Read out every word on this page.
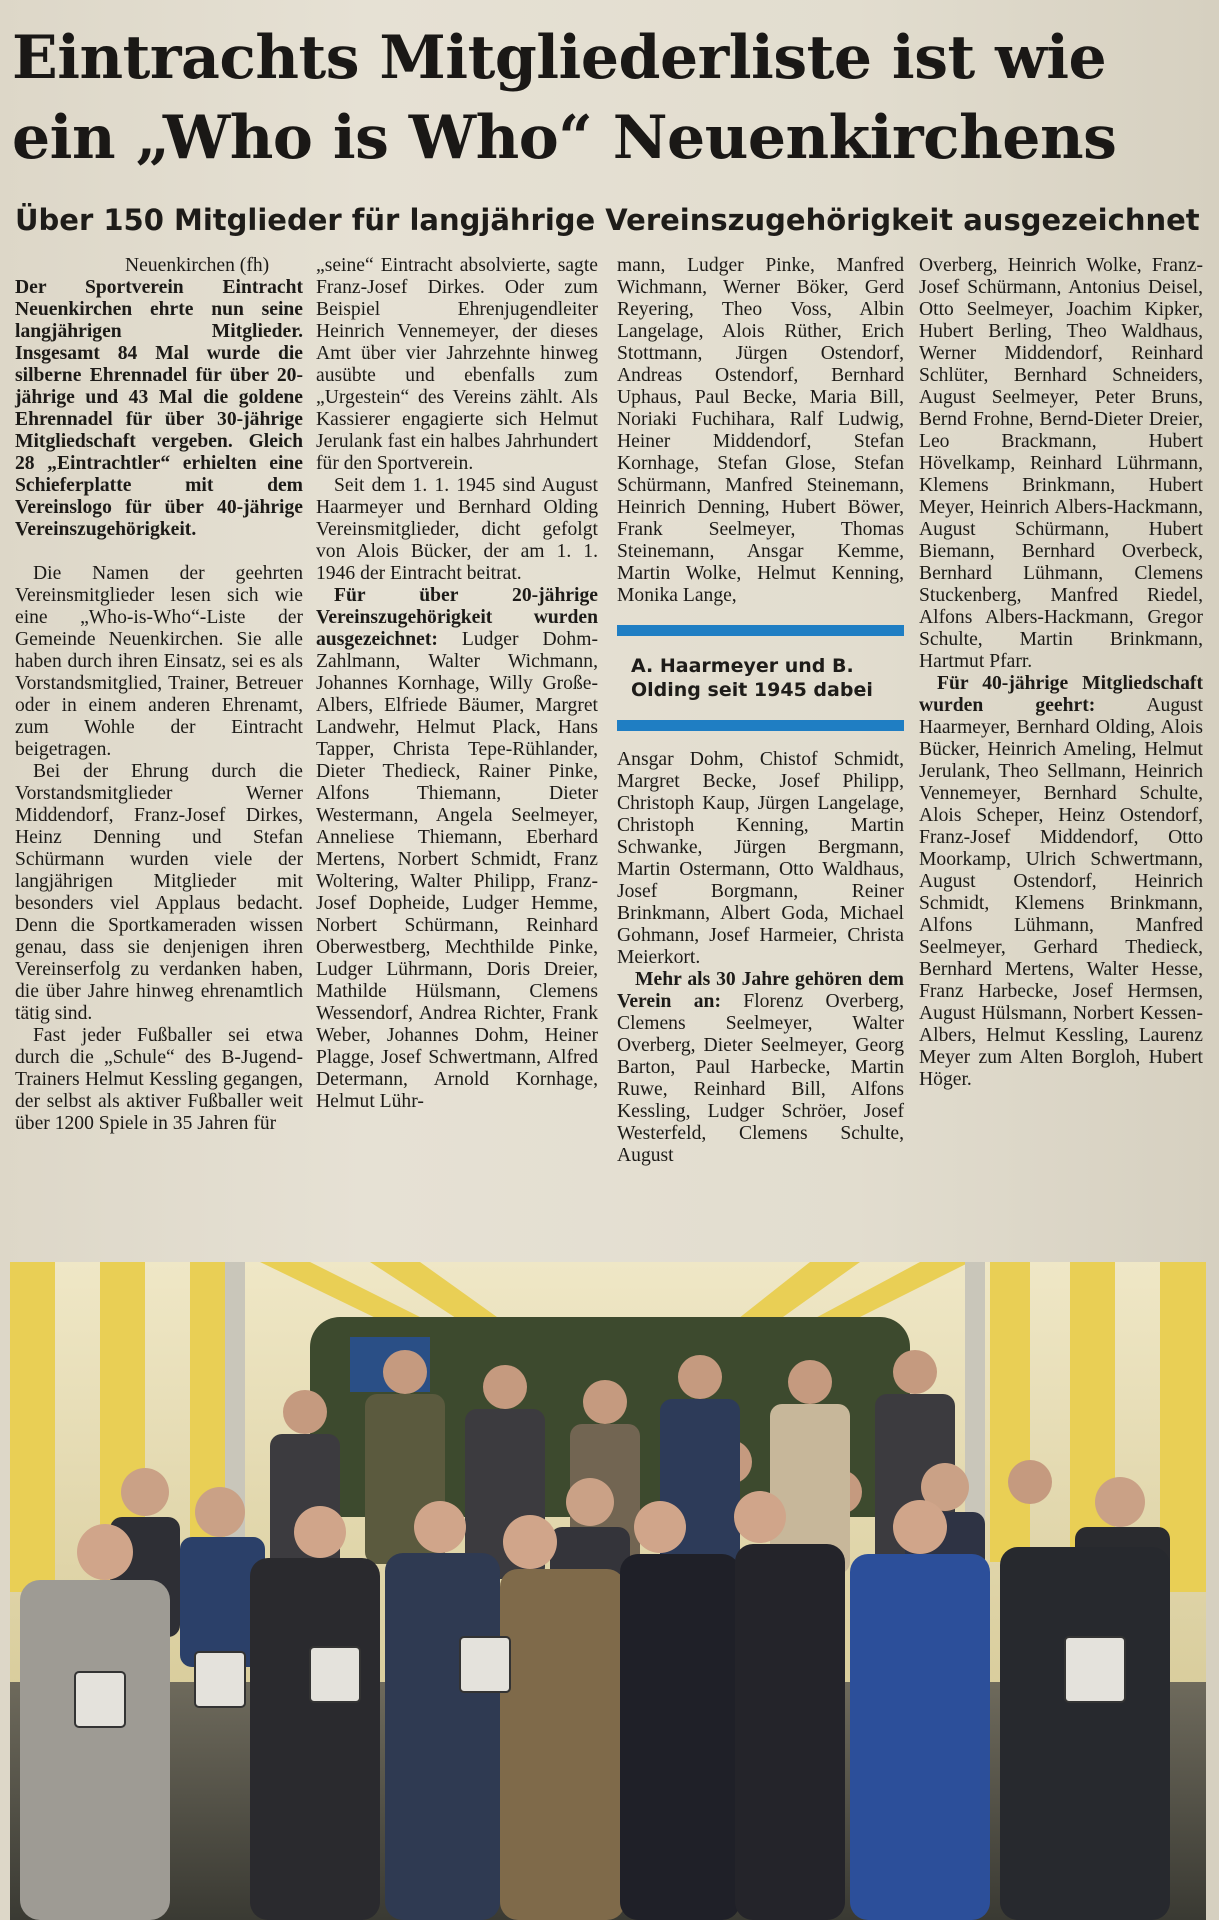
Eintrachts Mitgliederliste ist wie ein „Who is Who“ Neuenkirchens
Über 150 Mitglieder für langjährige Vereinszugehörigkeit ausgezeichnet

Neuenkirchen (fh)
Der Sportverein Eintracht Neuenkirchen ehrte nun seine langjährigen Mitglieder. Insgesamt 84 Mal wurde die silberne Ehrennadel für über 20-jährige und 43 Mal die goldene Ehrennadel für über 30-jährige Mitgliedschaft vergeben. Gleich 28 „Eintrachtler“ erhielten eine Schieferplatte mit dem Vereinslogo für über 40-jährige Vereinszugehörigkeit.

Die Namen der geehrten Vereinsmitglieder lesen sich wie eine „Who-is-Who“-Liste der Gemeinde Neuenkirchen. Sie alle haben durch ihren Einsatz, sei es als Vorstandsmitglied, Trainer, Betreuer oder in einem anderen Ehrenamt, zum Wohle der Eintracht beigetragen.

Bei der Ehrung durch die Vorstandsmitglieder Werner Middendorf, Franz-Josef Dirkes, Heinz Denning und Stefan Schürmann wurden viele der langjährigen Mitglieder mit besonders viel Applaus bedacht. Denn die Sportkameraden wissen genau, dass sie denjenigen ihren Vereinserfolg zu verdanken haben, die über Jahre hinweg ehrenamtlich tätig sind.

Fast jeder Fußballer sei etwa durch die „Schule“ des B-Jugend-Trainers Helmut Kessling gegangen, der selbst als aktiver Fußballer weit über 1200 Spiele in 35 Jahren für

„seine“ Eintracht absolvierte, sagte Franz-Josef Dirkes. Oder zum Beispiel Ehrenjugendleiter Heinrich Vennemeyer, der dieses Amt über vier Jahrzehnte hinweg ausübte und ebenfalls zum „Urgestein“ des Vereins zählt. Als Kassierer engagierte sich Helmut Jerulank fast ein halbes Jahrhundert für den Sportverein.

Seit dem 1. 1. 1945 sind August Haarmeyer und Bernhard Olding Vereinsmitglieder, dicht gefolgt von Alois Bücker, der am 1. 1. 1946 der Eintracht beitrat.

Für über 20-jährige Vereinszugehörigkeit wurden ausgezeichnet: Ludger Dohm-Zahlmann, Walter Wichmann, Johannes Kornhage, Willy Große-Albers, Elfriede Bäumer, Margret Landwehr, Helmut Plack, Hans Tapper, Christa Tepe-Rühlander, Dieter Thedieck, Rainer Pinke, Alfons Thiemann, Dieter Westermann, Angela Seelmeyer, Anneliese Thiemann, Eberhard Mertens, Norbert Schmidt, Franz Woltering, Walter Philipp, Franz-Josef Dopheide, Ludger Hemme, Norbert Schürmann, Reinhard Oberwestberg, Mechthilde Pinke, Ludger Lührmann, Doris Dreier, Mathilde Hülsmann, Clemens Wessendorf, Andrea Richter, Frank Weber, Johannes Dohm, Heiner Plagge, Josef Schwertmann, Alfred Determann, Arnold Kornhage, Helmut Lühr-

mann, Ludger Pinke, Manfred Wichmann, Werner Böker, Gerd Reyering, Theo Voss, Albin Langelage, Alois Rüther, Erich Stottmann, Jürgen Ostendorf, Andreas Ostendorf, Bernhard Uphaus, Paul Becke, Maria Bill, Noriaki Fuchihara, Ralf Ludwig, Heiner Middendorf, Stefan Kornhage, Stefan Glose, Stefan Schürmann, Manfred Steinemann, Heinrich Denning, Hubert Böwer, Frank Seelmeyer, Thomas Steinemann, Ansgar Kemme, Martin Wolke, Helmut Kenning, Monika Lange,

A. Haarmeyer und B. Olding seit 1945 dabei

Ansgar Dohm, Chistof Schmidt, Margret Becke, Josef Philipp, Christoph Kaup, Jürgen Langelage, Christoph Kenning, Martin Schwanke, Jürgen Bergmann, Martin Ostermann, Otto Waldhaus, Josef Borgmann, Reiner Brinkmann, Albert Goda, Michael Gohmann, Josef Harmeier, Christa Meierkort.

Mehr als 30 Jahre gehören dem Verein an: Florenz Overberg, Clemens Seelmeyer, Walter Overberg, Dieter Seelmeyer, Georg Barton, Paul Harbecke, Martin Ruwe, Reinhard Bill, Alfons Kessling, Ludger Schröer, Josef Westerfeld, Clemens Schulte, August

Overberg, Heinrich Wolke, Franz-Josef Schürmann, Antonius Deisel, Otto Seelmeyer, Joachim Kipker, Hubert Berling, Theo Waldhaus, Werner Middendorf, Reinhard Schlüter, Bernhard Schneiders, August Seelmeyer, Peter Bruns, Bernd Frohne, Bernd-Dieter Dreier, Leo Brackmann, Hubert Hövelkamp, Reinhard Lührmann, Klemens Brinkmann, Hubert Meyer, Heinrich Albers-Hackmann, August Schürmann, Hubert Biemann, Bernhard Overbeck, Bernhard Lühmann, Clemens Stuckenberg, Manfred Riedel, Alfons Albers-Hackmann, Gregor Schulte, Martin Brinkmann, Hartmut Pfarr.

Für 40-jährige Mitgliedschaft wurden geehrt:	August Haarmeyer, Bernhard Olding, Alois Bücker, Heinrich Ameling, Helmut Jerulank, Theo Sellmann, Heinrich Vennemeyer, Bernhard Schulte, Alois Scheper, Heinz Ostendorf, Franz-Josef Middendorf, Otto Moorkamp, Ulrich Schwertmann, August Ostendorf, Heinrich Schmidt, Klemens Brinkmann, Alfons Lühmann, Manfred Seelmeyer, Gerhard Thedieck, Bernhard Mertens, Walter Hesse, Franz Harbecke, Josef Hermsen, August Hülsmann, Norbert Kessen-Albers, Helmut Kessling, Laurenz Meyer zum Alten Borgloh, Hubert Höger.
